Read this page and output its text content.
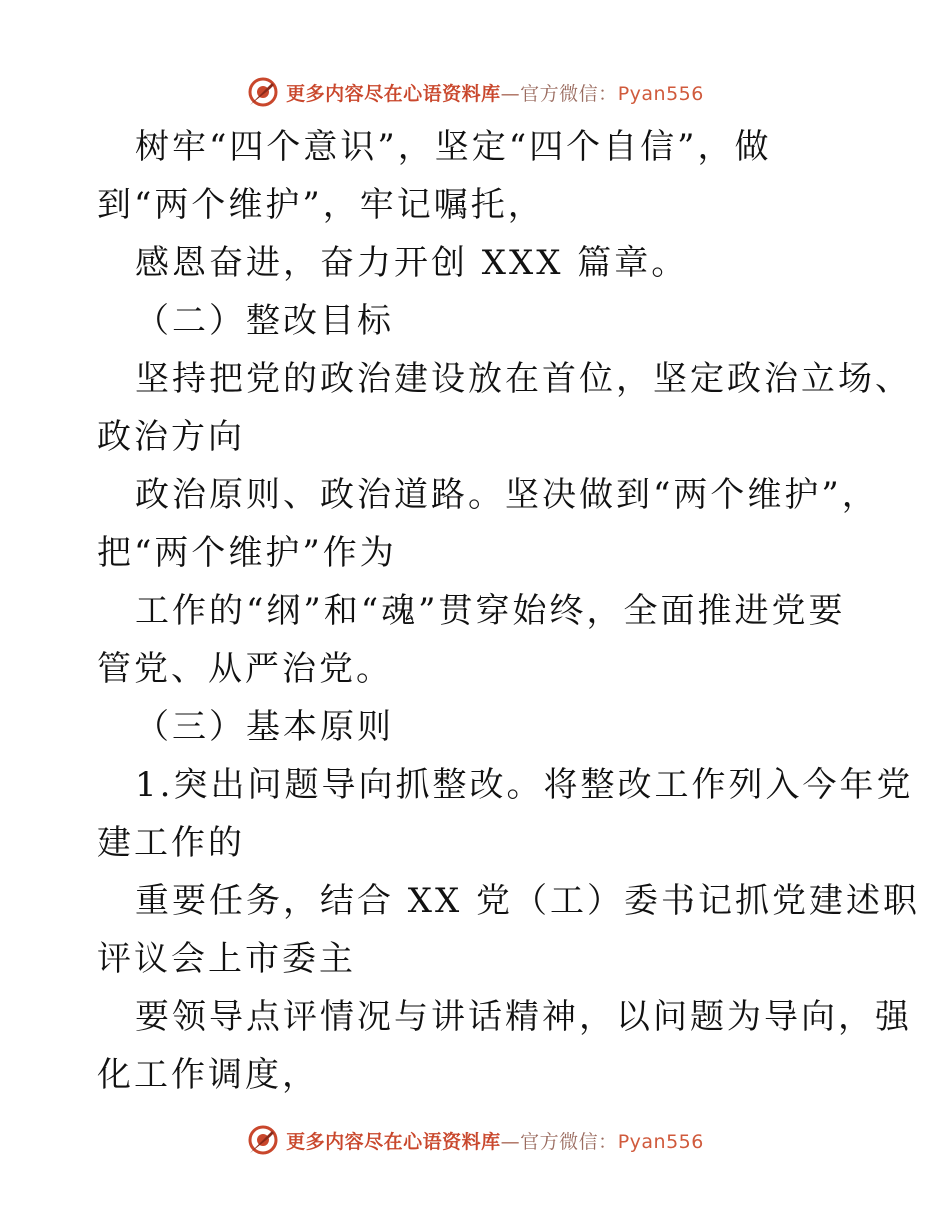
更多内容尽在心语资料库—官方微信：Pyan556
树牢“四个意识”，坚定“四个自信”，做
到“两个维护”，牢记嘱托，
感恩奋进，奋力开创 XXX 篇章。
（二）整改目标
坚持把党的政治建设放在首位，坚定政治立场、
政治方向
政治原则、政治道路。坚决做到“两个维护”，
把“两个维护”作为
工作的“纲”和“魂”贯穿始终，全面推进党要
管党、从严治党。
（三）基本原则
1.突出问题导向抓整改。将整改工作列入今年党
建工作的
重要任务，结合 XX 党（工）委书记抓党建述职
评议会上市委主
要领导点评情况与讲话精神，以问题为导向，强
化工作调度，
更多内容尽在心语资料库—官方微信：Pyan556
